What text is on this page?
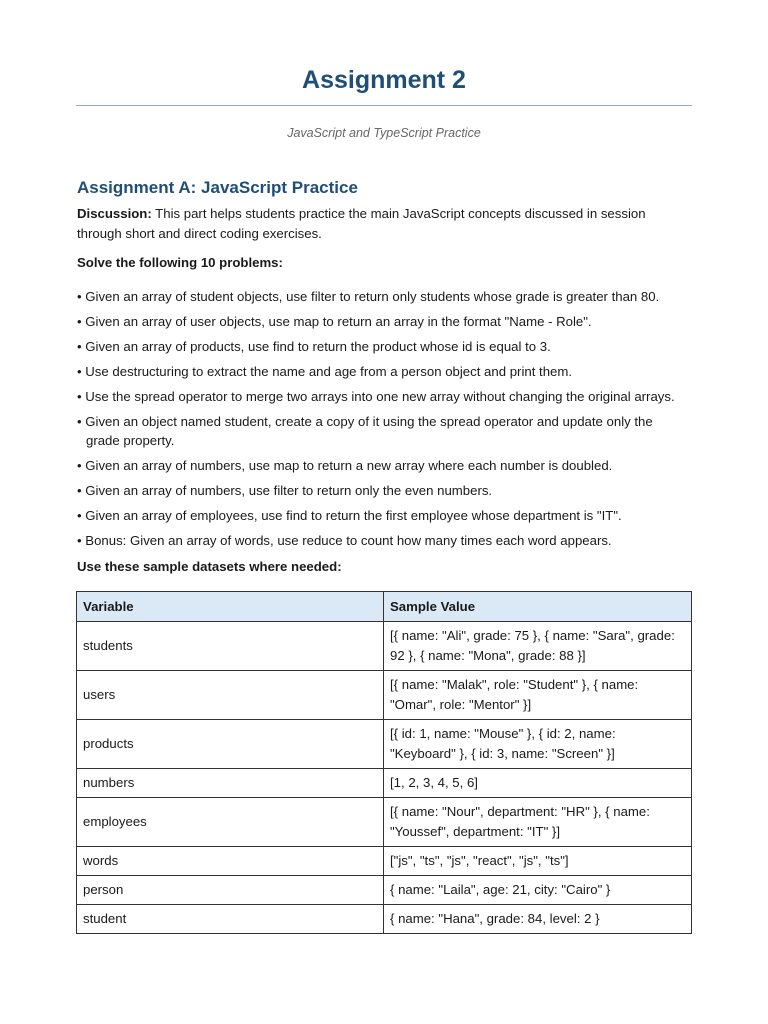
Assignment 2
JavaScript and TypeScript Practice
Assignment A: JavaScript Practice
Discussion: This part helps students practice the main JavaScript concepts discussed in session through short and direct coding exercises.
Solve the following 10 problems:
• Given an array of student objects, use filter to return only students whose grade is greater than 80.
• Given an array of user objects, use map to return an array in the format "Name - Role".
• Given an array of products, use find to return the product whose id is equal to 3.
• Use destructuring to extract the name and age from a person object and print them.
• Use the spread operator to merge two arrays into one new array without changing the original arrays.
• Given an object named student, create a copy of it using the spread operator and update only the grade property.
• Given an array of numbers, use map to return a new array where each number is doubled.
• Given an array of numbers, use filter to return only the even numbers.
• Given an array of employees, use find to return the first employee whose department is "IT".
• Bonus: Given an array of words, use reduce to count how many times each word appears.
Use these sample datasets where needed:
Variable	Sample Value
students	[{ name: "Ali", grade: 75 }, { name: "Sara", grade: 92 }, { name: "Mona", grade: 88 }]
users	[{ name: "Malak", role: "Student" }, { name: "Omar", role: "Mentor" }]
products	[{ id: 1, name: "Mouse" }, { id: 2, name: "Keyboard" }, { id: 3, name: "Screen" }]
numbers	[1, 2, 3, 4, 5, 6]
employees	[{ name: "Nour", department: "HR" }, { name: "Youssef", department: "IT" }]
words	["js", "ts", "js", "react", "js", "ts"]
person	{ name: "Laila", age: 21, city: "Cairo" }
student	{ name: "Hana", grade: 84, level: 2 }
